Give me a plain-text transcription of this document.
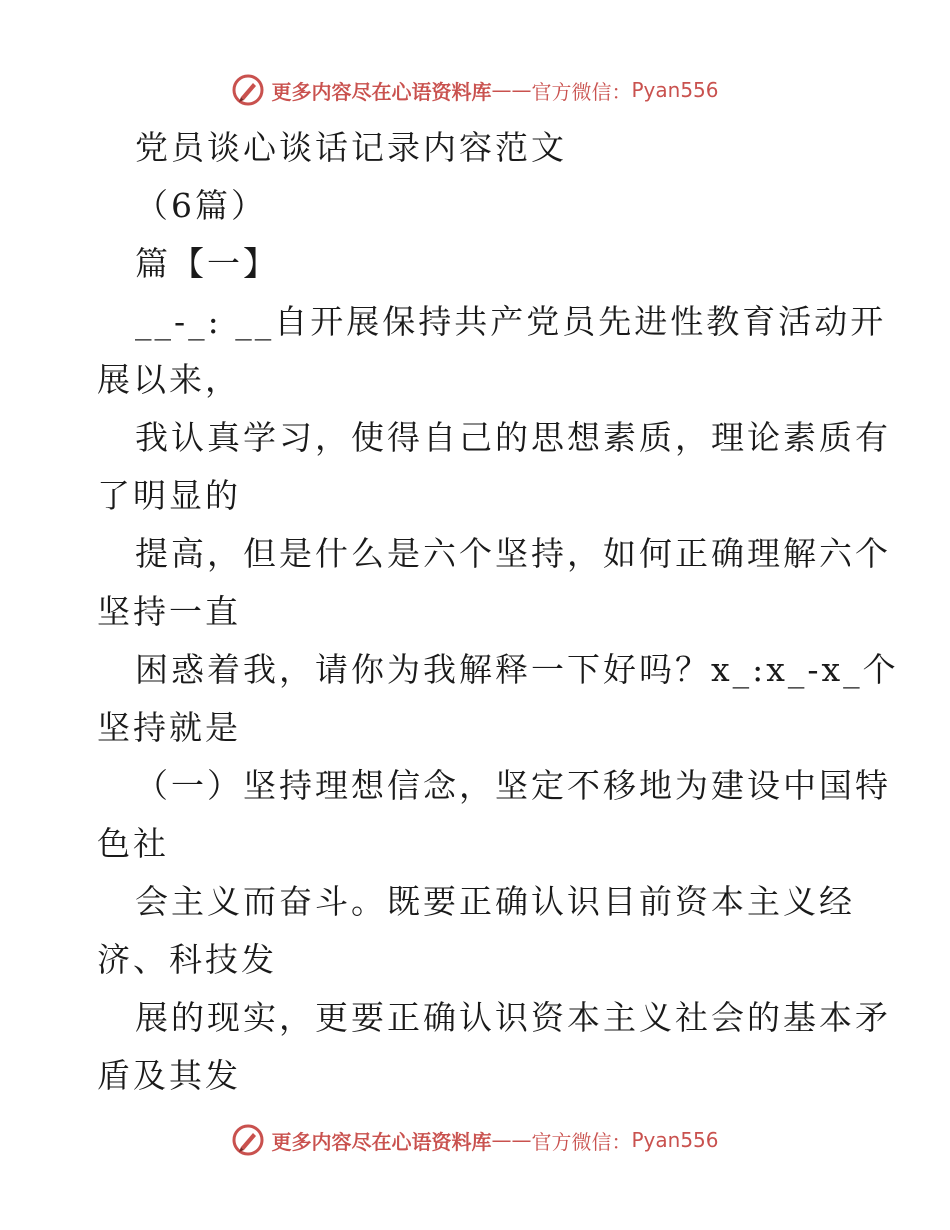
更多内容尽在心语资料库 —— 官方微信： Pyan556
党员谈心谈话记录内容范文
（6篇）
篇【一】
__-_: __自开展保持共产党员先进性教育活动开
展以来，
我认真学习，使得自己的思想素质，理论素质有
了明显的
提高，但是什么是六个坚持，如何正确理解六个
坚持一直
困惑着我，请你为我解释一下好吗？x_:x_-x_个
坚持就是
（一）坚持理想信念，坚定不移地为建设中国特
色社
会主义而奋斗。既要正确认识目前资本主义经
济、科技发
展的现实，更要正确认识资本主义社会的基本矛
盾及其发
更多内容尽在心语资料库 —— 官方微信： Pyan556
